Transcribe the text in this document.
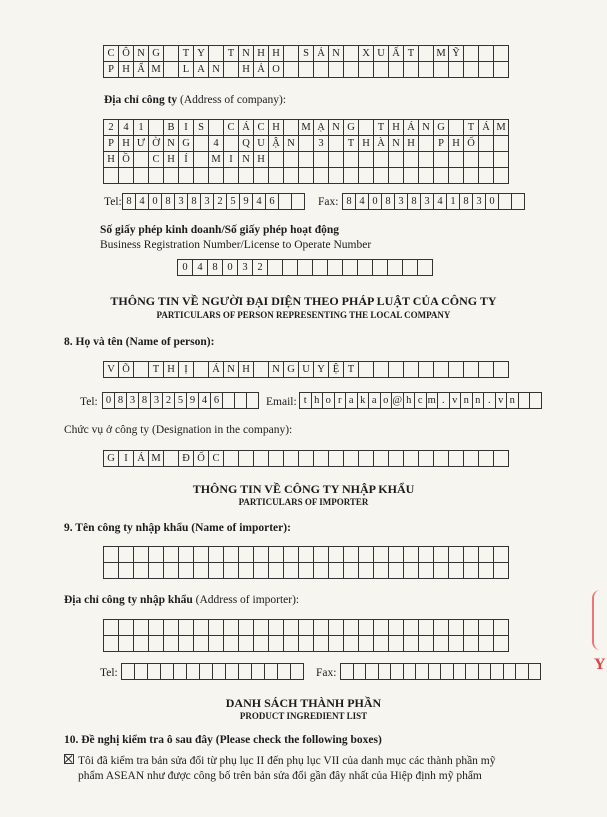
C Ô N G	T Y	T N H H	S Ả N	X U Ấ T	M Ỹ
P H Ẩ M	L A N	H Ả O
Địa chỉ công ty (Address of company):
2 4 1	B I S	C Á C H	M Ạ N G	T H Á N G	T Á M
P H Ư Ờ N G	4	Q U Ậ N	3	T H À N H	P H Ố
H Ồ	C H Í	M I N H
Tel: 8 4 0 8 3 8 3 2 5 9 4 6	Fax: 8 4 0 8 3 8 3 4 1 8 3 0
Số giấy phép kinh doanh/Số giấy phép hoạt động
Business Registration Number/License to Operate Number
0 4 8 0 3 2
THÔNG TIN VỀ NGƯỜI ĐẠI DIỆN THEO PHÁP LUẬT CỦA CÔNG TY
PARTICULARS OF PERSON REPRESENTING THE LOCAL COMPANY
8. Họ và tên (Name of person):
V Õ	T H Ị	Á N H	N G U Y Ệ T
Tel: 0 8 3 8 3 2 5 9 4 6	Email: t h o r a k a o @ h c m . v n n . v n
Chức vụ ở công ty (Designation in the company):
G I Á M	Đ Ố C
THÔNG TIN VỀ CÔNG TY NHẬP KHẨU
PARTICULARS OF IMPORTER
9. Tên công ty nhập khẩu (Name of importer):
Địa chỉ công ty nhập khẩu (Address of importer):
Tel:	Fax:
DANH SÁCH THÀNH PHẦN
PRODUCT INGREDIENT LIST
10. Đề nghị kiểm tra ô sau đây (Please check the following boxes)
Tôi đã kiểm tra bản sửa đổi từ phụ lục II đến phụ lục VII của danh mục các thành phần mỹ
phẩm ASEAN như được công bố trên bản sửa đổi gần đây nhất của Hiệp định mỹ phẩm
Y
